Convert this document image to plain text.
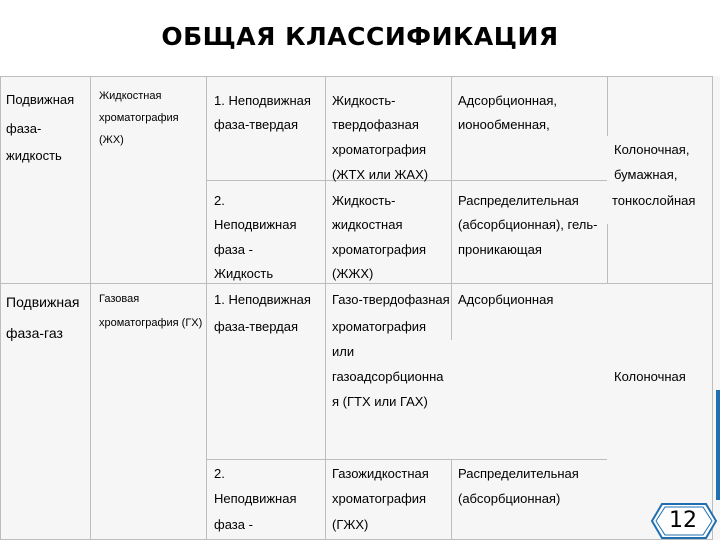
ОБЩАЯ КЛАССИФИКАЦИЯ
Подвижная
фаза-
жидкость
Жидкостная
хроматография
(ЖХ)
1. Неподвижная
фаза-твердая
Жидкость-
твердофазная
хроматография
(ЖТХ или ЖАХ)
Адсорбционная,
ионообменная,
2.
Неподвижная
фаза -
Жидкость
Жидкость-
жидкостная
хроматография
(ЖЖХ)
Распределительная
(абсорбционная), гель-
проникающая
Колоночная,
бумажная,
тонкослойная
Подвижная
фаза-газ
Газовая
хроматография (ГХ)
1. Неподвижная
фаза-твердая
Газо-твердофазная
хроматография
или
газоадсорбционна
я (ГТХ или ГАХ)
Адсорбционная
Колоночная
2.
Неподвижная
фаза -
Газожидкостная
хроматография
(ГЖХ)
Распределительная
(абсорбционная)
12
